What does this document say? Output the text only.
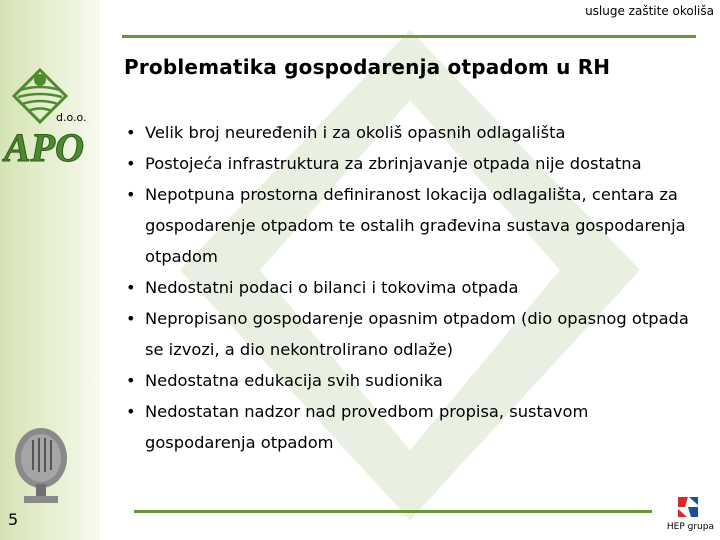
usluge zaštite okoliša
APO
d.o.o.
Problematika gospodarenja otpadom u RH
• Velik broj neuređenih i za okoliš opasnih odlagališta
• Postojeća infrastruktura za zbrinjavanje otpada nije dostatna
• Nepotpuna prostorna definiranost lokacija odlagališta, centara za gospodarenje otpadom te ostalih građevina sustava gospodarenja otpadom
• Nedostatni podaci o bilanci i tokovima otpada
• Nepropisano gospodarenje opasnim otpadom (dio opasnog otpada se izvozi, a dio nekontrolirano odlaže)
• Nedostatna edukacija svih sudionika
• Nedostatan nadzor nad provedbom propisa, sustavom gospodarenja otpadom
5	HEP grupa
